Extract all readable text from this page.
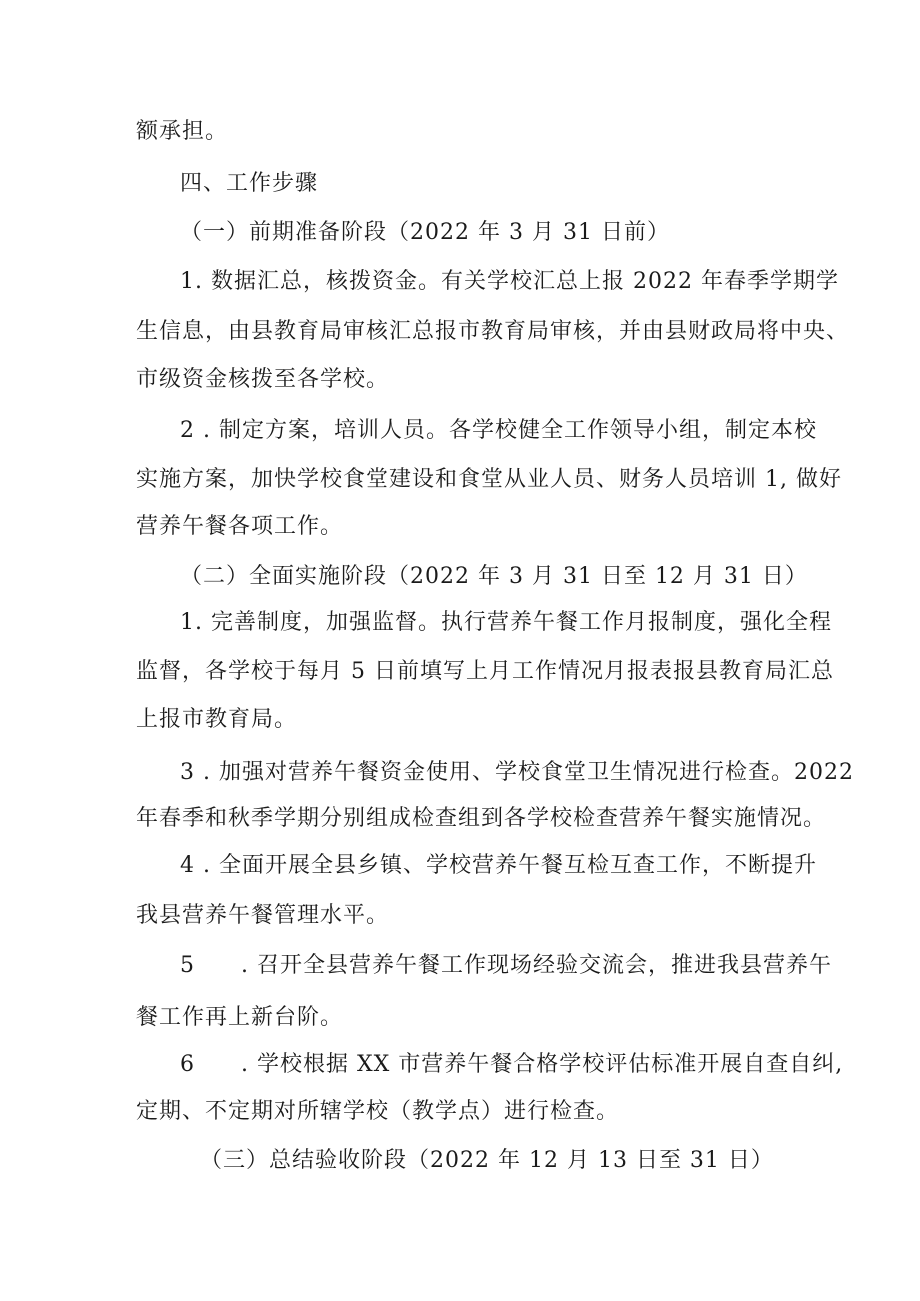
额承担。
四、工作步骤
（一）前期准备阶段（2022 年 3 月 31 日前）
1. 数据汇总，核拨资金。有关学校汇总上报 2022 年春季学期学
生信息，由县教育局审核汇总报市教育局审核，并由县财政局将中央、
市级资金核拨至各学校。
2 . 制定方案，培训人员。各学校健全工作领导小组，制定本校
实施方案，加快学校食堂建设和食堂从业人员、财务人员培训 1, 做好
营养午餐各项工作。
（二）全面实施阶段（2022 年 3 月 31 日至 12 月 31 日）
1. 完善制度，加强监督。执行营养午餐工作月报制度，强化全程
监督，各学校于每月 5 日前填写上月工作情况月报表报县教育局汇总
上报市教育局。
3 . 加强对营养午餐资金使用、学校食堂卫生情况进行检查。2022
年春季和秋季学期分别组成检查组到各学校检查营养午餐实施情况。
4 . 全面开展全县乡镇、学校营养午餐互检互查工作，不断提升
我县营养午餐管理水平。
5　　. 召开全县营养午餐工作现场经验交流会，推进我县营养午
餐工作再上新台阶。
6　　. 学校根据 XX 市营养午餐合格学校评估标准开展自查自纠,
定期、不定期对所辖学校（教学点）进行检查。
（三）总结验收阶段（2022 年 12 月 13 日至 31 日）
